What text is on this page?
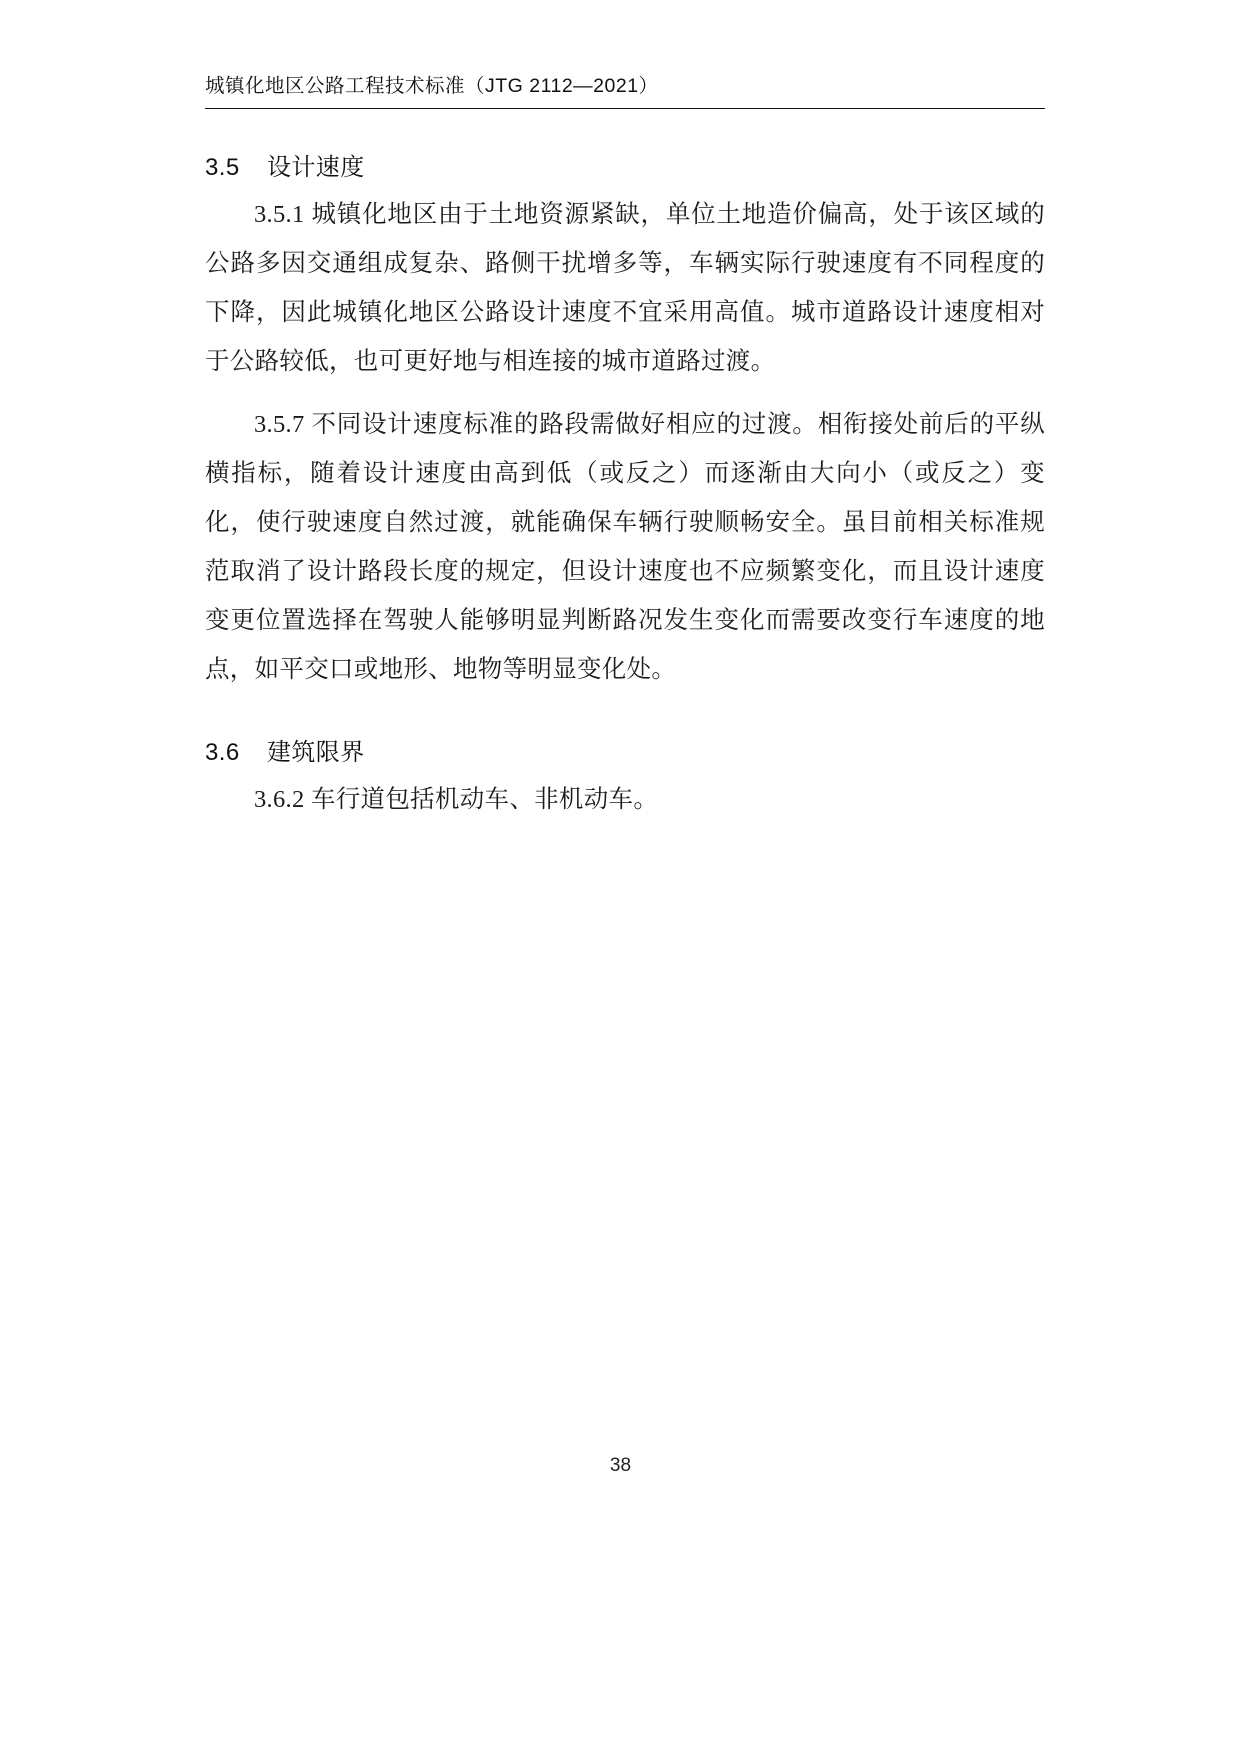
城镇化地区公路工程技术标准（JTG 2112—2021）
3.5 设计速度

3.5.1 城镇化地区由于土地资源紧缺，单位土地造价偏高，处于该区域的公路多因交通组成复杂、路侧干扰增多等，车辆实际行驶速度有不同程度的下降，因此城镇化地区公路设计速度不宜采用高值。城市道路设计速度相对于公路较低，也可更好地与相连接的城市道路过渡。

3.5.7 不同设计速度标准的路段需做好相应的过渡。相衔接处前后的平纵横指标，随着设计速度由高到低（或反之）而逐渐由大向小（或反之）变化，使行驶速度自然过渡，就能确保车辆行驶顺畅安全。虽目前相关标准规范取消了设计路段长度的规定，但设计速度也不应频繁变化，而且设计速度变更位置选择在驾驶人能够明显判断路况发生变化而需要改变行车速度的地点，如平交口或地形、地物等明显变化处。

3.6 建筑限界

3.6.2 车行道包括机动车、非机动车。

38
